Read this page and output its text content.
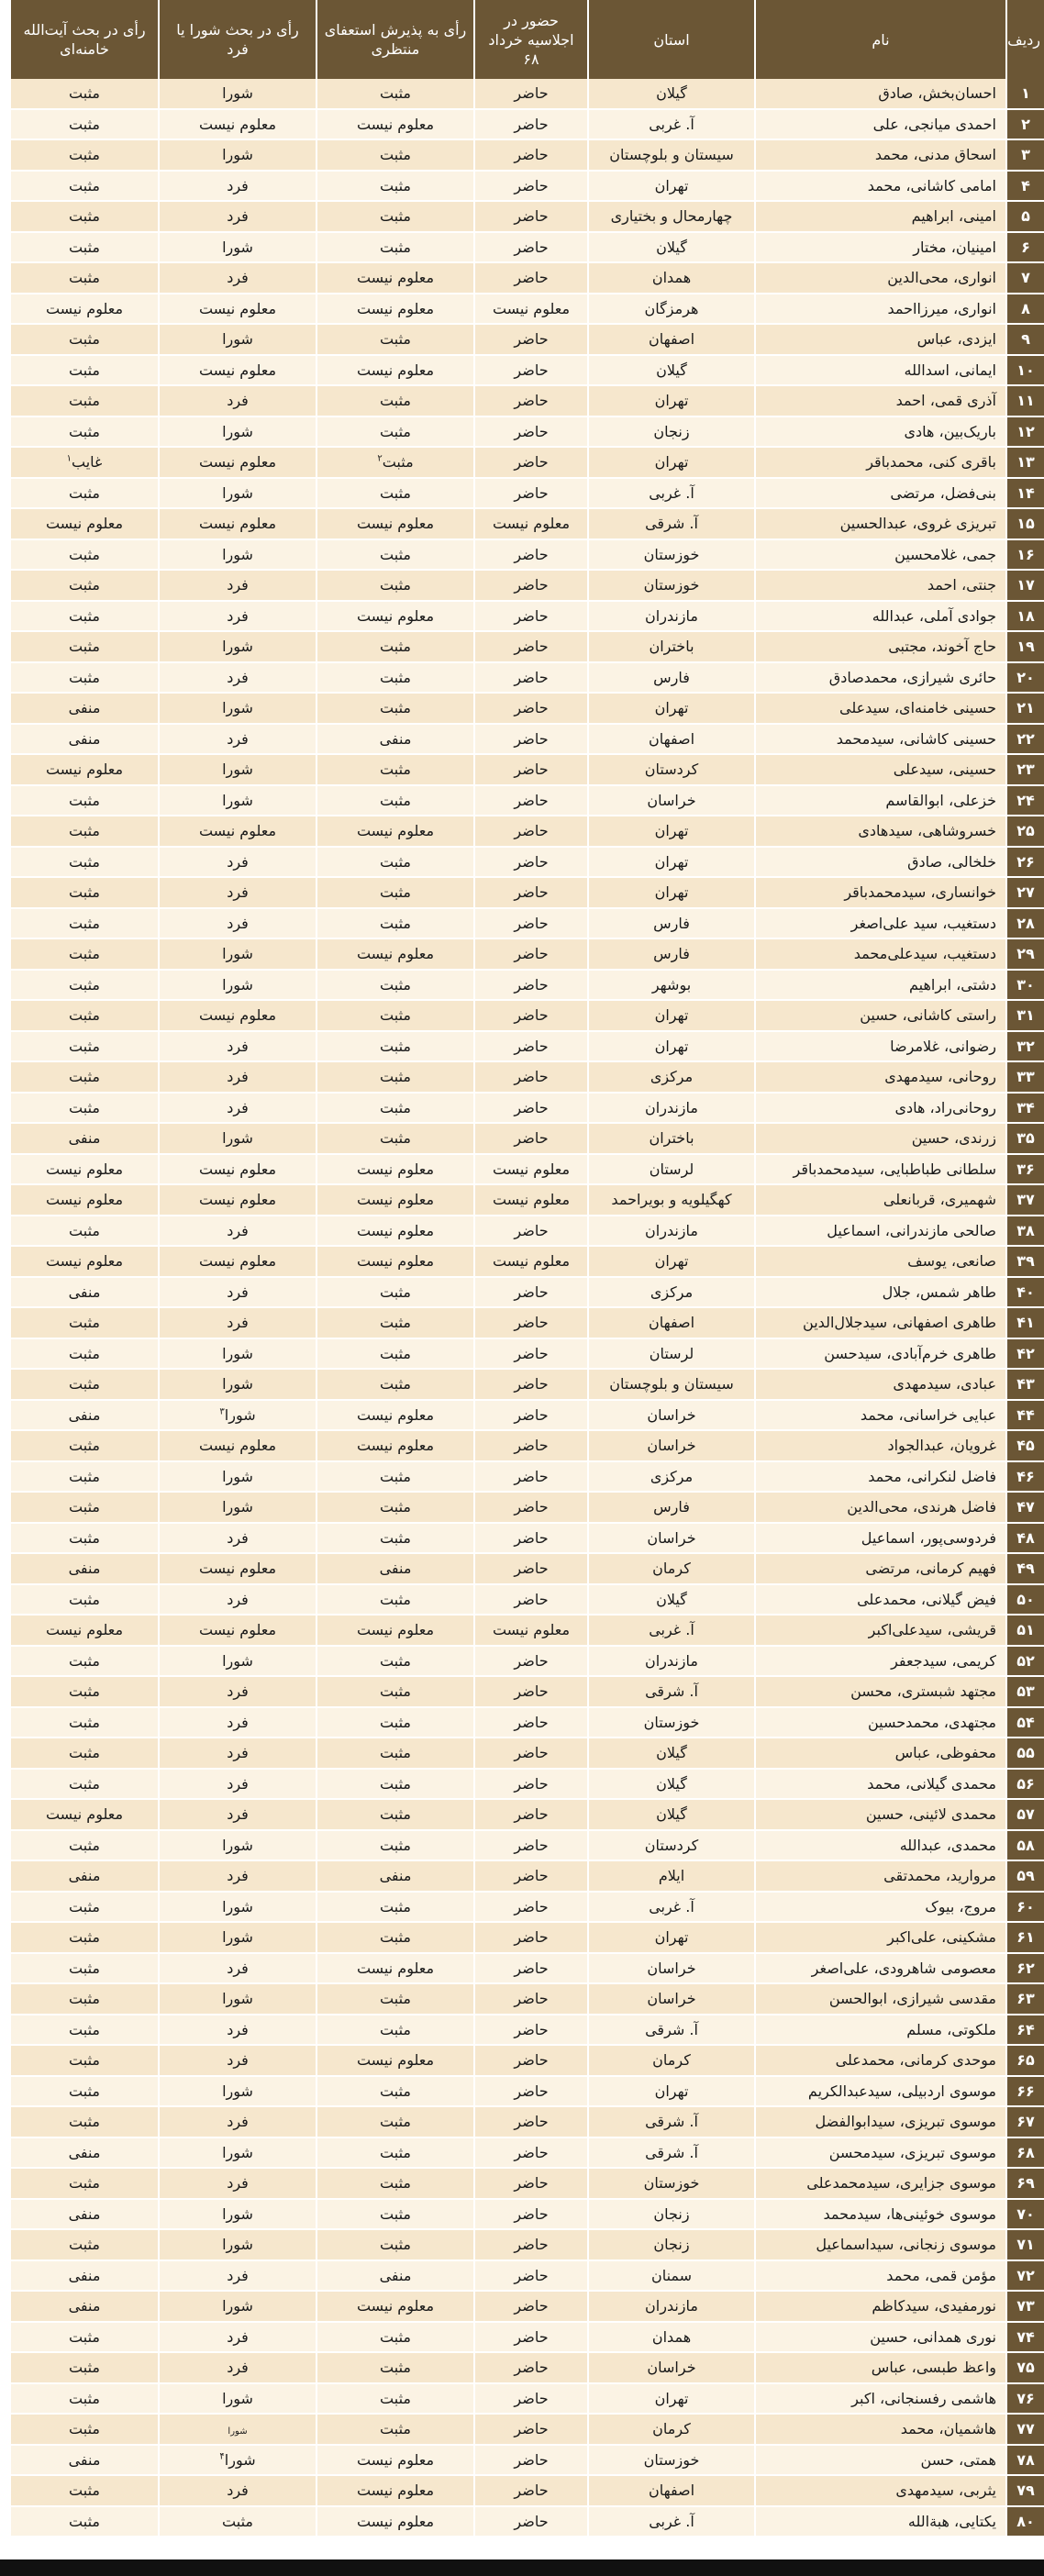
ردیف	نام	استان	حضور در اجلاسیه خرداد ۶۸	رأی به پذیرش استعفای منتظری	رأی در بحث شورا یا فرد	رأی در بحث آیت‌الله خامنه‌ای
۱	احسان‌بخش، صادق	گیلان	حاضر	مثبت	شورا	مثبت
۲	احمدی میانجی، علی	آ. غربی	حاضر	معلوم نیست	معلوم نیست	مثبت
۳	اسحاق مدنی، محمد	سیستان و بلوچستان	حاضر	مثبت	شورا	مثبت
۴	امامی کاشانی، محمد	تهران	حاضر	مثبت	فرد	مثبت
۵	امینی، ابراهیم	چهارمحال و بختیاری	حاضر	مثبت	فرد	مثبت
۶	امینیان، مختار	گیلان	حاضر	مثبت	شورا	مثبت
۷	انواری، محی‌الدین	همدان	حاضر	معلوم نیست	فرد	مثبت
۸	انواری، میرزا‌احمد	هرمزگان	معلوم نیست	معلوم نیست	معلوم نیست	معلوم نیست
۹	ایزدی، عباس	اصفهان	حاضر	مثبت	شورا	مثبت
۱۰	ایمانی، اسدالله	گیلان	حاضر	معلوم نیست	معلوم نیست	مثبت
۱۱	آذری قمی، احمد	تهران	حاضر	مثبت	فرد	مثبت
۱۲	باریک‌بین، هادی	زنجان	حاضر	مثبت	شورا	مثبت
۱۳	باقری کنی، محمد‌باقر	تهران	حاضر	مثبت$^۲$	معلوم نیست	غایب$^۱$
۱۴	بنی‌فضل، مرتضی	آ. غربی	حاضر	مثبت	شورا	مثبت
۱۵	تبریزی غروی، عبدالحسین	آ. شرقی	معلوم نیست	معلوم نیست	معلوم نیست	معلوم نیست
۱۶	جمی، غلامحسین	خوزستان	حاضر	مثبت	شورا	مثبت
۱۷	جنتی، احمد	خوزستان	حاضر	مثبت	فرد	مثبت
۱۸	جوادی آملی، عبدالله	مازندران	حاضر	معلوم نیست	فرد	مثبت
۱۹	حاج آخوند، مجتبی	باختران	حاضر	مثبت	شورا	مثبت
۲۰	حائری شیرازی، محمد‌صادق	فارس	حاضر	مثبت	فرد	مثبت
۲۱	حسینی خامنه‌ای، سیدعلی	تهران	حاضر	مثبت	شورا	منفی
۲۲	حسینی کاشانی، سیدمحمد	اصفهان	حاضر	منفی	فرد	منفی
۲۳	حسینی، سیدعلی	کردستان	حاضر	مثبت	شورا	معلوم نیست
۲۴	خزعلی، ابوالقاسم	خراسان	حاضر	مثبت	شورا	مثبت
۲۵	خسروشاهی، سیدهادی	تهران	حاضر	معلوم نیست	معلوم نیست	مثبت
۲۶	خلخالی، صادق	تهران	حاضر	مثبت	فرد	مثبت
۲۷	خوانساری، سیدمحمد‌باقر	تهران	حاضر	مثبت	فرد	مثبت
۲۸	دستغیب، سید علی‌اصغر	فارس	حاضر	مثبت	فرد	مثبت
۲۹	دستغیب، سیدعلی‌محمد	فارس	حاضر	معلوم نیست	شورا	مثبت
۳۰	دشتی، ابراهیم	بوشهر	حاضر	مثبت	شورا	مثبت
۳۱	راستی کاشانی، حسین	تهران	حاضر	مثبت	معلوم نیست	مثبت
۳۲	رضوانی، غلامرضا	تهران	حاضر	مثبت	فرد	مثبت
۳۳	روحانی، سیدمهدی	مرکزی	حاضر	مثبت	فرد	مثبت
۳۴	روحانی‌راد، هادی	مازندران	حاضر	مثبت	فرد	مثبت
۳۵	زرندی، حسین	باختران	حاضر	مثبت	شورا	منفی
۳۶	سلطانی طباطبایی، سیدمحمدباقر	لرستان	معلوم نیست	معلوم نیست	معلوم نیست	معلوم نیست
۳۷	شهمیری، قربانعلی	کهگیلویه و بویراحمد	معلوم نیست	معلوم نیست	معلوم نیست	معلوم نیست
۳۸	صالحی مازندرانی، اسماعیل	مازندران	حاضر	معلوم نیست	فرد	مثبت
۳۹	صانعی، یوسف	تهران	معلوم نیست	معلوم نیست	معلوم نیست	معلوم نیست
۴۰	طاهر شمس، جلال	مرکزی	حاضر	مثبت	فرد	منفی
۴۱	طاهری اصفهانی، سیدجلال‌الدین	اصفهان	حاضر	مثبت	فرد	مثبت
۴۲	طاهری خرم‌آبادی، سیدحسن	لرستان	حاضر	مثبت	شورا	مثبت
۴۳	عبادی، سیدمهدی	سیستان و بلوچستان	حاضر	مثبت	شورا	مثبت
۴۴	عبایی خراسانی، محمد	خراسان	حاضر	معلوم نیست	شورا$^۳$	منفی
۴۵	غرویان، عبدالجواد	خراسان	حاضر	معلوم نیست	معلوم نیست	مثبت
۴۶	فاضل لنکرانی، محمد	مرکزی	حاضر	مثبت	شورا	مثبت
۴۷	فاضل هرندی، محی‌الدین	فارس	حاضر	مثبت	شورا	مثبت
۴۸	فردوسی‌پور، اسماعیل	خراسان	حاضر	مثبت	فرد	مثبت
۴۹	فهیم کرمانی، مرتضی	کرمان	حاضر	منفی	معلوم نیست	منفی
۵۰	فیض گیلانی، محمدعلی	گیلان	حاضر	مثبت	فرد	مثبت
۵۱	قریشی، سیدعلی‌اکبر	آ. غربی	معلوم نیست	معلوم نیست	معلوم نیست	معلوم نیست
۵۲	کریمی، سیدجعفر	مازندران	حاضر	مثبت	شورا	مثبت
۵۳	مجتهد شبستری، محسن	آ. شرقی	حاضر	مثبت	فرد	مثبت
۵۴	مجتهدی، محمدحسین	خوزستان	حاضر	مثبت	فرد	مثبت
۵۵	محفوظی، عباس	گیلان	حاضر	مثبت	فرد	مثبت
۵۶	محمدی گیلانی، محمد	گیلان	حاضر	مثبت	فرد	مثبت
۵۷	محمدی لائینی، حسین	گیلان	حاضر	مثبت	فرد	معلوم نیست
۵۸	محمدی، عبدالله	کردستان	حاضر	مثبت	شورا	مثبت
۵۹	مروارید، محمدتقی	ایلام	حاضر	منفی	فرد	منفی
۶۰	مروج، بیوک	آ. غربی	حاضر	مثبت	شورا	مثبت
۶۱	مشکینی، علی‌اکبر	تهران	حاضر	مثبت	شورا	مثبت
۶۲	معصومی شاهرودی، علی‌اصغر	خراسان	حاضر	معلوم نیست	فرد	مثبت
۶۳	مقدسی شیرازی، ابوالحسن	خراسان	حاضر	مثبت	شورا	مثبت
۶۴	ملکوتی، مسلم	آ. شرقی	حاضر	مثبت	فرد	مثبت
۶۵	موحدی کرمانی، محمدعلی	کرمان	حاضر	معلوم نیست	فرد	مثبت
۶۶	موسوی اردبیلی، سیدعبدالکریم	تهران	حاضر	مثبت	شورا	مثبت
۶۷	موسوی تبریزی، سیدابوالفضل	آ. شرقی	حاضر	مثبت	فرد	مثبت
۶۸	موسوی تبریزی، سیدمحسن	آ. شرقی	حاضر	مثبت	شورا	منفی
۶۹	موسوی جزایری، سیدمحمدعلی	خوزستان	حاضر	مثبت	فرد	مثبت
۷۰	موسوی خوئینی‌ها، سیدمحمد	زنجان	حاضر	مثبت	شورا	منفی
۷۱	موسوی زنجانی، سیداسماعیل	زنجان	حاضر	مثبت	شورا	مثبت
۷۲	مؤمن قمی، محمد	سمنان	حاضر	منفی	فرد	منفی
۷۳	نورمفیدی، سیدکاظم	مازندران	حاضر	معلوم نیست	شورا	منفی
۷۴	نوری همدانی، حسین	همدان	حاضر	مثبت	فرد	مثبت
۷۵	واعظ طبسی، عباس	خراسان	حاضر	مثبت	فرد	مثبت
۷۶	هاشمی رفسنجانی، اکبر	تهران	حاضر	مثبت	شورا	مثبت
۷۷	هاشمیان، محمد	کرمان	حاضر	مثبت	شورا	مثبت
۷۸	همتی، حسن	خوزستان	حاضر	معلوم نیست	شورا$^۴$	منفی
۷۹	یثربی، سیدمهدی	اصفهان	حاضر	معلوم نیست	فرد	مثبت
۸۰	یکتایی، هبةالله	آ. غربی	حاضر	معلوم نیست	مثبت	مثبت
